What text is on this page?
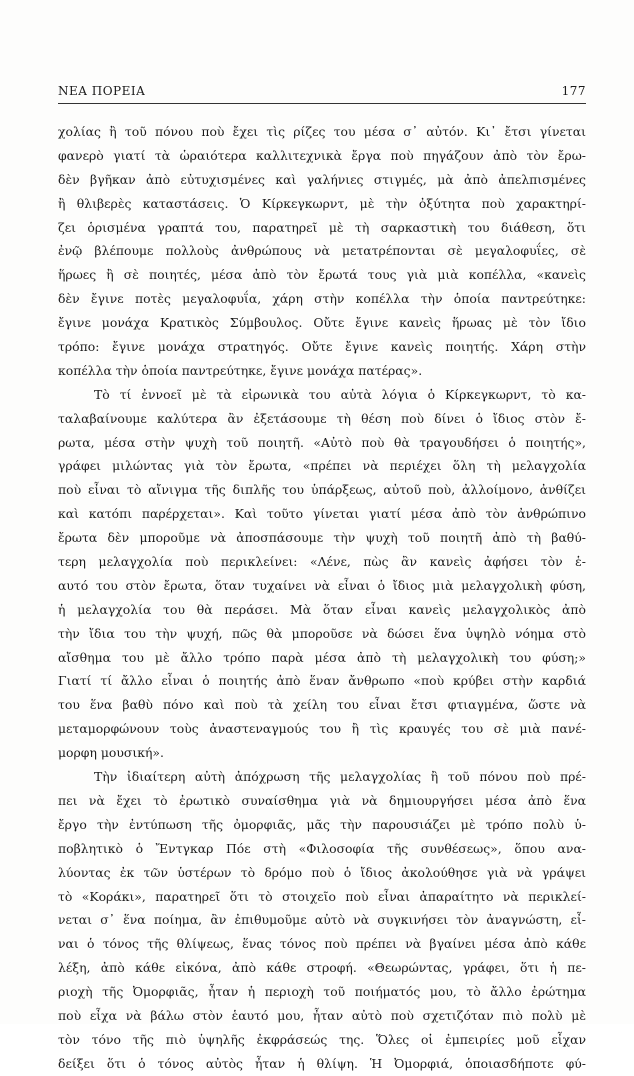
ΝΕΑ ΠΟΡΕΙΑ	177
χολίας ἢ τοῦ πόνου ποὺ ἔχει τὶς ρίζες του μέσα σ᾽ αὐτόν. Κι᾽ ἔτσι γίνεται
φανερὸ γιατί τὰ ὡραιότερα καλλιτεχνικὰ ἔργα ποὺ πηγάζουν ἀπὸ τὸν ἔρω-
δὲν βγῆκαν ἀπὸ εὐτυχισμένες καὶ γαλήνιες στιγμές, μὰ ἀπὸ ἀπελπισμένες
ἢ θλιβερὲς καταστάσεις. Ὁ Κίρκεγκωρντ, μὲ τὴν ὀξύτητα ποὺ χαρακτηρί-
ζει ὁρισμένα γραπτά του, παρατηρεῖ μὲ τὴ σαρκαστικὴ του διάθεση, ὅτι
ἐνῷ βλέπουμε πολλοὺς ἀνθρώπους νὰ μετατρέπονται σὲ μεγαλοφυΐες, σὲ
ἥρωες ἢ σὲ ποιητές, μέσα ἀπὸ τὸν ἔρωτά τους γιὰ μιὰ κοπέλλα, «κανεὶς
δὲν ἔγινε ποτὲς μεγαλοφυΐα, χάρη στὴν κοπέλλα τὴν ὁποία παντρεύτηκε:
ἔγινε μονάχα Κρατικὸς Σύμβουλος. Οὔτε ἔγινε κανεὶς ἥρωας μὲ τὸν ἴδιο
τρόπο: ἔγινε μονάχα στρατηγός. Οὔτε ἔγινε κανεὶς ποιητής. Χάρη στὴν
κοπέλλα τὴν ὁποία παντρεύτηκε, ἔγινε μονάχα πατέρας».
Τὸ τί ἐννοεῖ μὲ τὰ εἰρωνικὰ του αὐτὰ λόγια ὁ Κίρκεγκωρντ, τὸ κα-
ταλαβαίνουμε καλύτερα ἂν ἐξετάσουμε τὴ θέση ποὺ δίνει ὁ ἴδιος στὸν ἔ-
ρωτα, μέσα στὴν ψυχὴ τοῦ ποιητῆ. «Αὐτὸ ποὺ θὰ τραγουδήσει ὁ ποιητής»,
γράφει μιλώντας γιὰ τὸν ἔρωτα, «πρέπει νὰ περιέχει ὅλη τὴ μελαγχολία
ποὺ εἶναι τὸ αἴνιγμα τῆς διπλῆς του ὑπάρξεως, αὐτοῦ ποὺ, ἀλλοίμονο, ἀνθίζει
καὶ κατόπι παρέρχεται». Καὶ τοῦτο γίνεται γιατί μέσα ἀπὸ τὸν ἀνθρώπινο
ἔρωτα δὲν μποροῦμε νὰ ἀποσπάσουμε τὴν ψυχὴ τοῦ ποιητῆ ἀπὸ τὴ βαθύ-
τερη μελαγχολία ποὺ περικλείνει: «Λένε, πὼς ἂν κανεὶς ἀφήσει τὸν ἑ-
αυτό του στὸν ἔρωτα, ὅταν τυχαίνει νὰ εἶναι ὁ ἴδιος μιὰ μελαγχολικὴ φύση,
ἡ μελαγχολία του θὰ περάσει. Μὰ ὅταν εἶναι κανεὶς μελαγχολικὸς ἀπὸ
τὴν ἴδια του τὴν ψυχή, πῶς θὰ μποροῦσε νὰ δώσει ἕνα ὑψηλὸ νόημα στὸ
αἴσθημα του μὲ ἄλλο τρόπο παρὰ μέσα ἀπὸ τὴ μελαγχολικὴ του φύση;»
Γιατί τί ἄλλο εἶναι ὁ ποιητής ἀπὸ ἕναν ἄνθρωπο «ποὺ κρύβει στὴν καρδιά
του ἕνα βαθὺ πόνο καὶ ποὺ τὰ χείλη του εἶναι ἔτσι φτιαγμένα, ὥστε νὰ
μεταμορφώνουν τοὺς ἀναστεναγμούς του ἢ τὶς κραυγές του σὲ μιὰ πανέ-
μορφη μουσική».
Τὴν ἰδιαίτερη αὐτὴ ἀπόχρωση τῆς μελαγχολίας ἢ τοῦ πόνου ποὺ πρέ-
πει νὰ ἔχει τὸ ἐρωτικὸ συναίσθημα γιὰ νὰ δημιουργήσει μέσα ἀπὸ ἕνα
ἔργο τὴν ἐντύπωση τῆς ὀμορφιᾶς, μᾶς τὴν παρουσιάζει μὲ τρόπο πολὺ ὑ-
ποβλητικὸ ὁ Ἔντγκαρ Πόε στὴ «Φιλοσοφία τῆς συνθέσεως», ὅπου ανα-
λύοντας ἐκ τῶν ὑστέρων τὸ δρόμο ποὺ ὁ ἴδιος ἀκολούθησε γιὰ νὰ γράψει
τὸ «Κοράκι», παρατηρεῖ ὅτι τὸ στοιχεῖο ποὺ εἶναι ἀπαραίτητο νὰ περικλεί-
νεται σ᾽ ἕνα ποίημα, ἂν ἐπιθυμοῦμε αὐτὸ νὰ συγκινήσει τὸν ἀναγνώστη, εἶ-
ναι ὁ τόνος τῆς θλίψεως, ἕνας τόνος ποὺ πρέπει νὰ βγαίνει μέσα ἀπὸ κάθε
λέξη, ἀπὸ κάθε εἰκόνα, ἀπὸ κάθε στροφή. «Θεωρώντας, γράφει, ὅτι ἡ πε-
ριοχὴ τῆς Ὀμορφιᾶς, ἦταν ἡ περιοχὴ τοῦ ποιήματός μου, τὸ ἄλλο ἐρώτημα
ποὺ εἶχα νὰ βάλω στὸν ἑαυτό μου, ἦταν αὐτὸ ποὺ σχετιζόταν πιὸ πολὺ μὲ
τὸν τόνο τῆς πιὸ ὑψηλῆς ἐκφράσεώς της. Ὅλες οἱ ἐμπειρίες μοῦ εἶχαν
δείξει ὅτι ὁ τόνος αὐτὸς ἦταν ἡ θλίψη. Ἡ Ὀμορφιά, ὁποιασδήποτε φύ-
